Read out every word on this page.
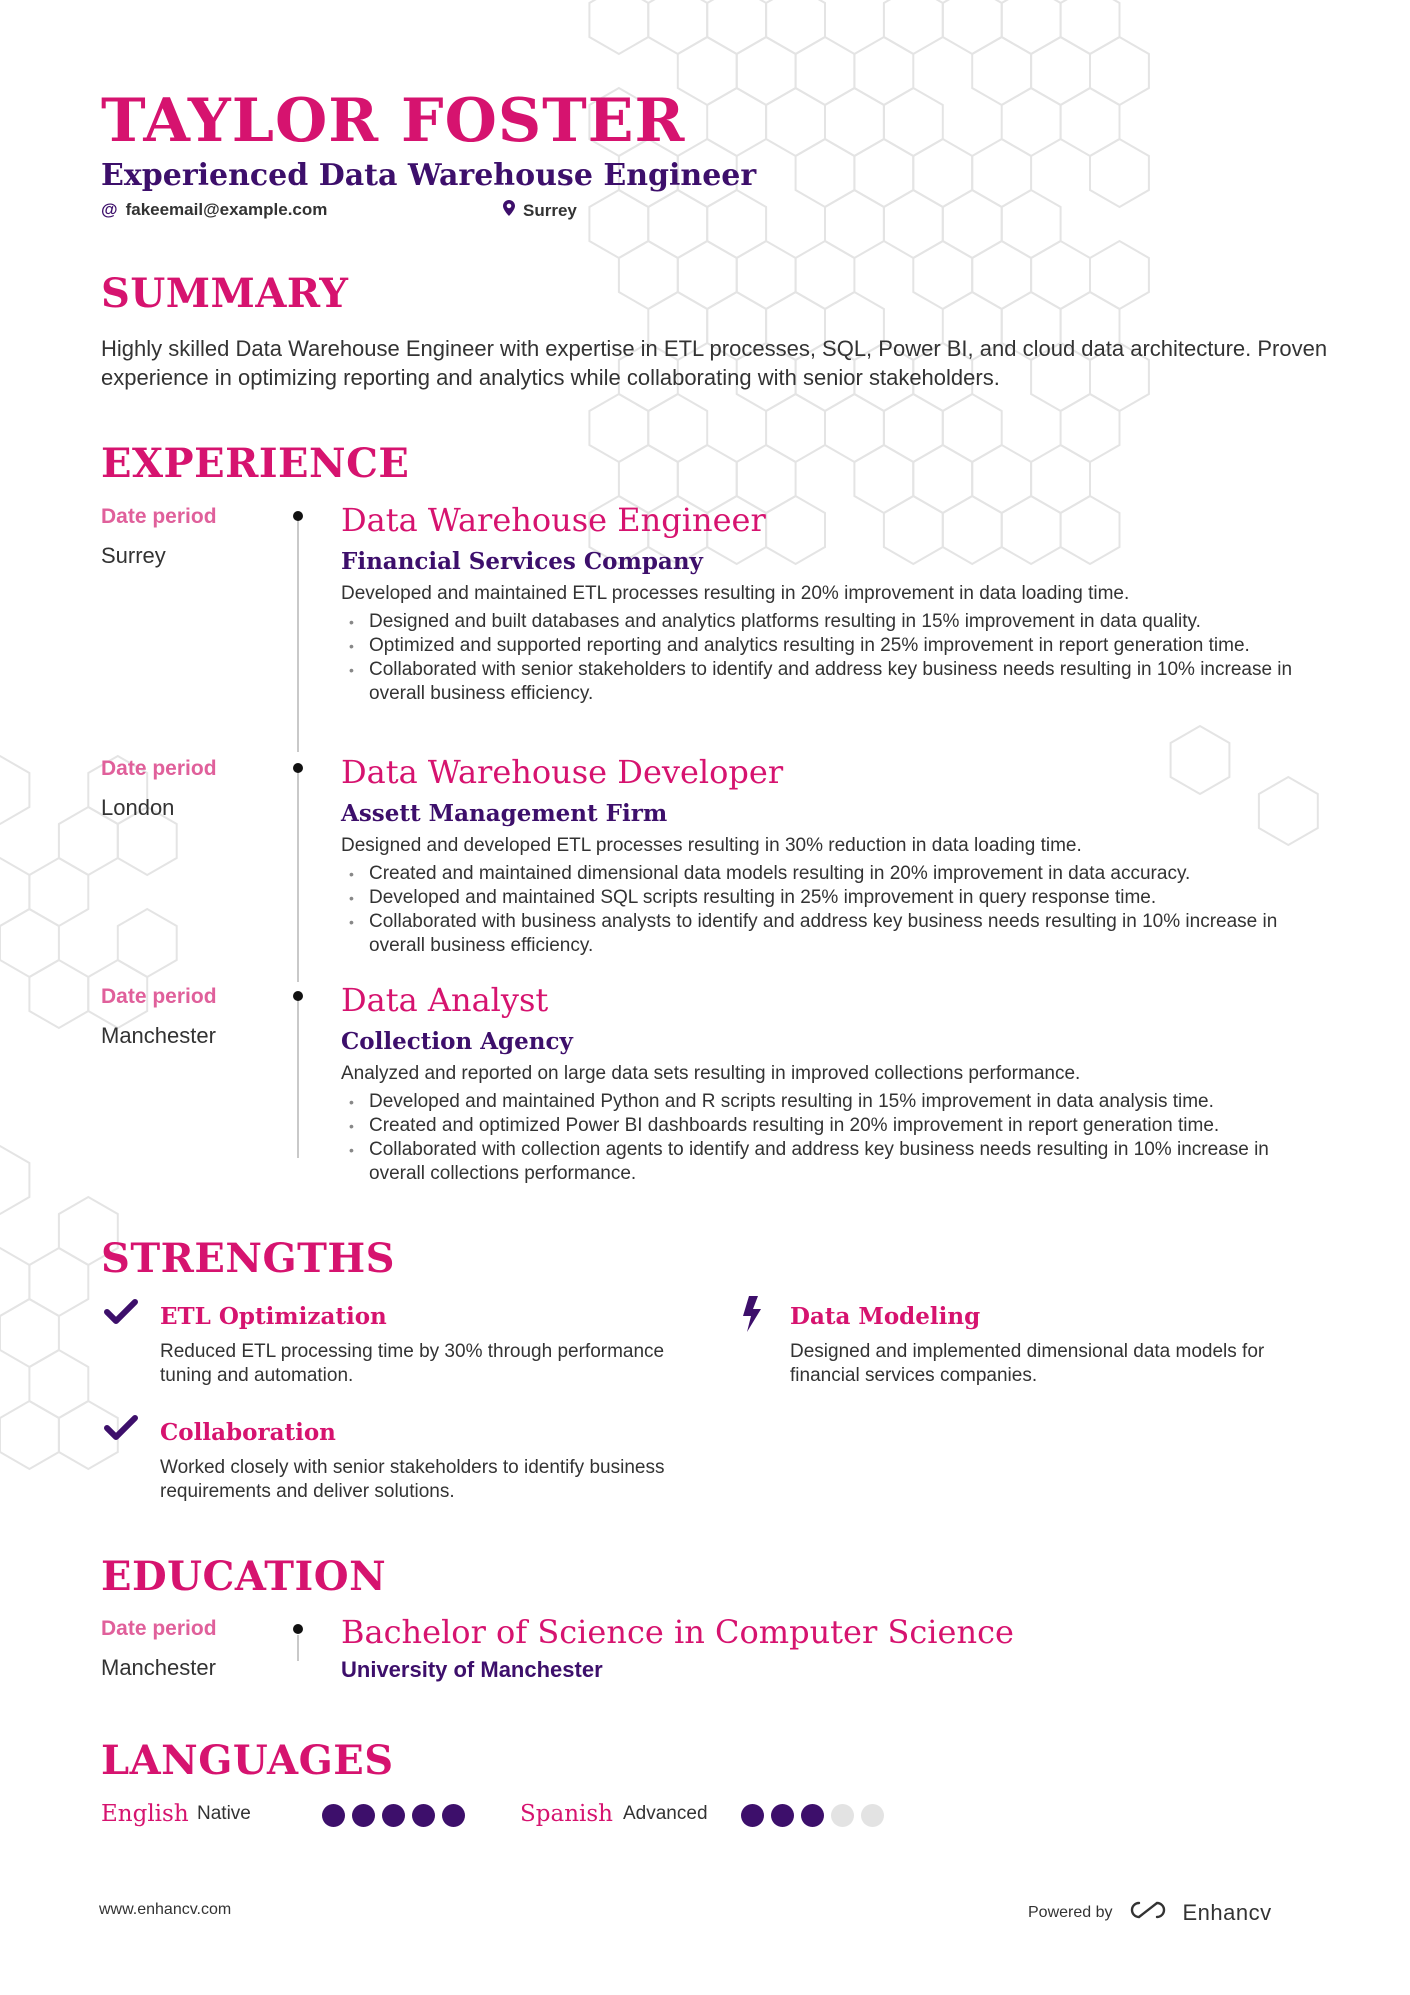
TAYLOR FOSTER
Experienced Data Warehouse Engineer
@ fakeemail@example.com	Surrey
SUMMARY
Highly skilled Data Warehouse Engineer with expertise in ETL processes, SQL, Power BI, and cloud data architecture. Proven experience in optimizing reporting and analytics while collaborating with senior stakeholders.
EXPERIENCE
Date period
Surrey
Data Warehouse Engineer
Financial Services Company
Developed and maintained ETL processes resulting in 20% improvement in data loading time.
• Designed and built databases and analytics platforms resulting in 15% improvement in data quality.
• Optimized and supported reporting and analytics resulting in 25% improvement in report generation time.
• Collaborated with senior stakeholders to identify and address key business needs resulting in 10% increase in overall business efficiency.
Date period
London
Data Warehouse Developer
Assett Management Firm
Designed and developed ETL processes resulting in 30% reduction in data loading time.
• Created and maintained dimensional data models resulting in 20% improvement in data accuracy.
• Developed and maintained SQL scripts resulting in 25% improvement in query response time.
• Collaborated with business analysts to identify and address key business needs resulting in 10% increase in overall business efficiency.
Date period
Manchester
Data Analyst
Collection Agency
Analyzed and reported on large data sets resulting in improved collections performance.
• Developed and maintained Python and R scripts resulting in 15% improvement in data analysis time.
• Created and optimized Power BI dashboards resulting in 20% improvement in report generation time.
• Collaborated with collection agents to identify and address key business needs resulting in 10% increase in overall collections performance.
STRENGTHS
ETL Optimization
Reduced ETL processing time by 30% through performance tuning and automation.
Data Modeling
Designed and implemented dimensional data models for financial services companies.
Collaboration
Worked closely with senior stakeholders to identify business requirements and deliver solutions.
EDUCATION
Date period
Manchester
Bachelor of Science in Computer Science
University of Manchester
LANGUAGES
English Native	Spanish Advanced
www.enhancv.com	Powered by	Enhancv
